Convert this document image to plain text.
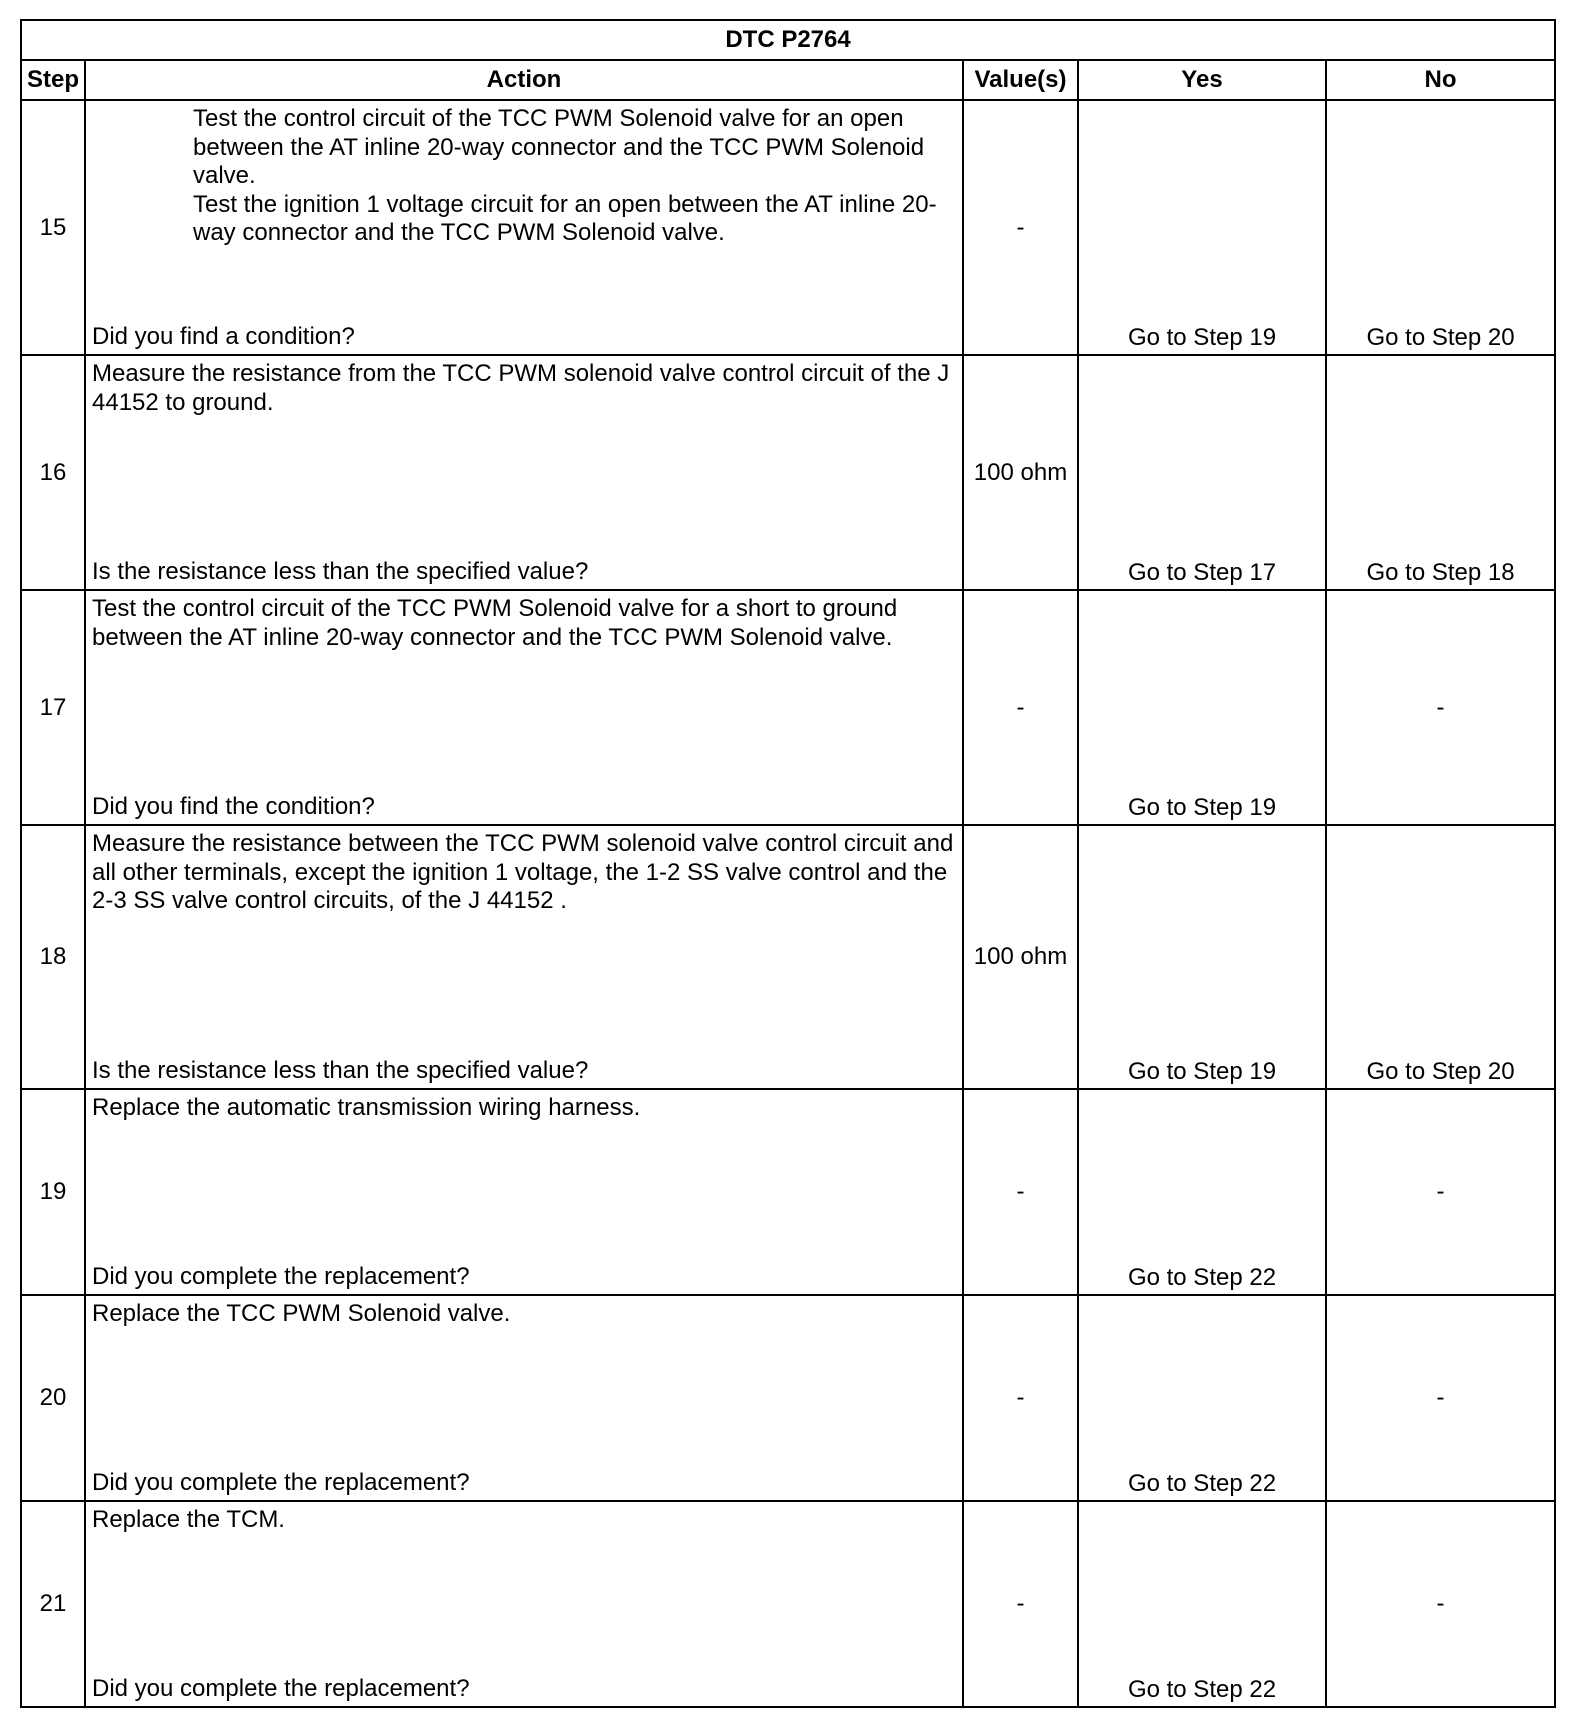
DTC P2764				
Step	Action	Value(s)	Yes	No
15	Test the control circuit of the TCC PWM Solenoid valve for an open between the AT inline 20-way connector and the TCC PWM Solenoid valve.
Test the ignition 1 voltage circuit for an open between the AT inline 20-way connector and the TCC PWM Solenoid valve.
Did you find a condition?	-	Go to Step 19	Go to Step 20

16	Measure the resistance from the TCC PWM solenoid valve control circuit of the J 44152 to ground.
Is the resistance less than the specified value?	100 ohm	Go to Step 17	Go to Step 18

17	Test the control circuit of the TCC PWM Solenoid valve for a short to ground between the AT inline 20-way connector and the TCC PWM Solenoid valve.
Did you find the condition?	-	Go to Step 19	-
18	Measure the resistance between the TCC PWM solenoid valve control circuit and all other terminals, except the ignition 1 voltage, the 1-2 SS valve control and the 2-3 SS valve control circuits, of the J 44152 .
Is the resistance less than the specified value?	100 ohm	Go to Step 19	Go to Step 20

19	Replace the automatic transmission wiring harness.
Did you complete the replacement?	-	Go to Step 22	-
20	Replace the TCC PWM Solenoid valve.
Did you complete the replacement?	-	Go to Step 22	-
21	Replace the TCM.
Did you complete the replacement?	-	Go to Step 22	-
